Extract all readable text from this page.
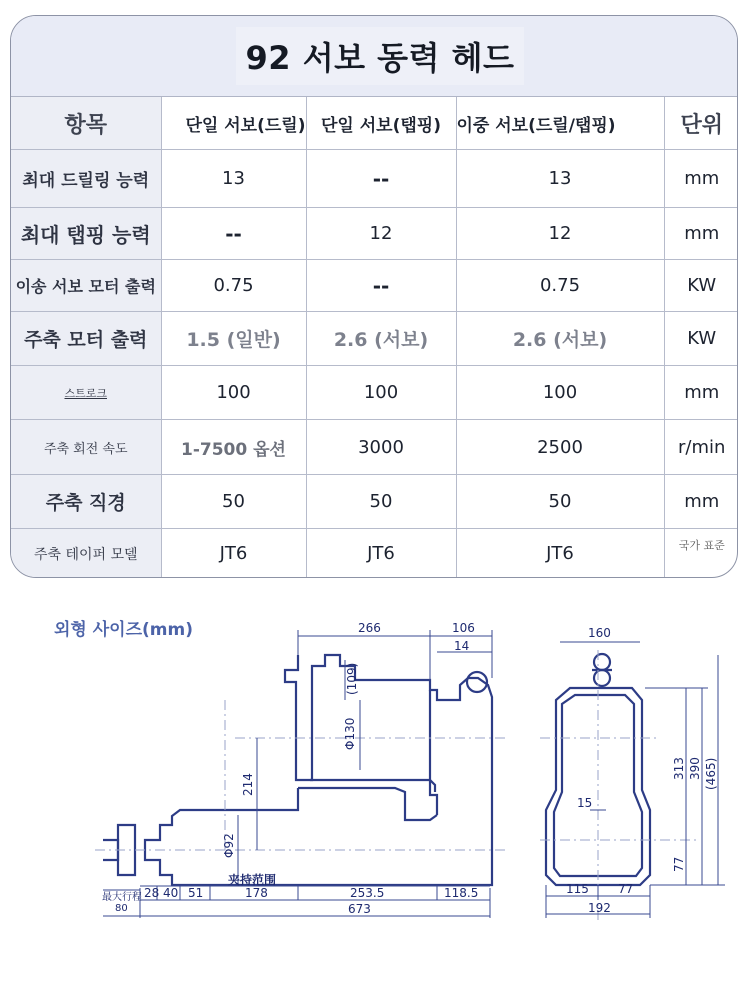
92 서보 동력 헤드
항목	단일 서보(드릴)	단일 서보(탭핑)	이중 서보(드릴/탭핑)	단위
최대 드릴링 능력	13	--	13	mm
최대 탭핑 능력	--	12	12	mm
이송 서보 모터 출력	0.75	--	0.75	KW
주축 모터 출력	1.5 (일반)	2.6 (서보)	2.6 (서보)	KW
스트로크	100	100	100	mm
주축 회전 속도	1-7500 옵션	3000	2500	r/min
주축 직경	50	50	50	mm
주축 테이퍼 모델	JT6	JT6	JT6	국가 표준
외형 사이즈(mm)	266	106
14
(109)
Φ130
214
Φ92
夹持范围
最大行程
80
28 40 51	178	253.5	118.5
673
160
313 390 (465)
77
15
115 77
192
